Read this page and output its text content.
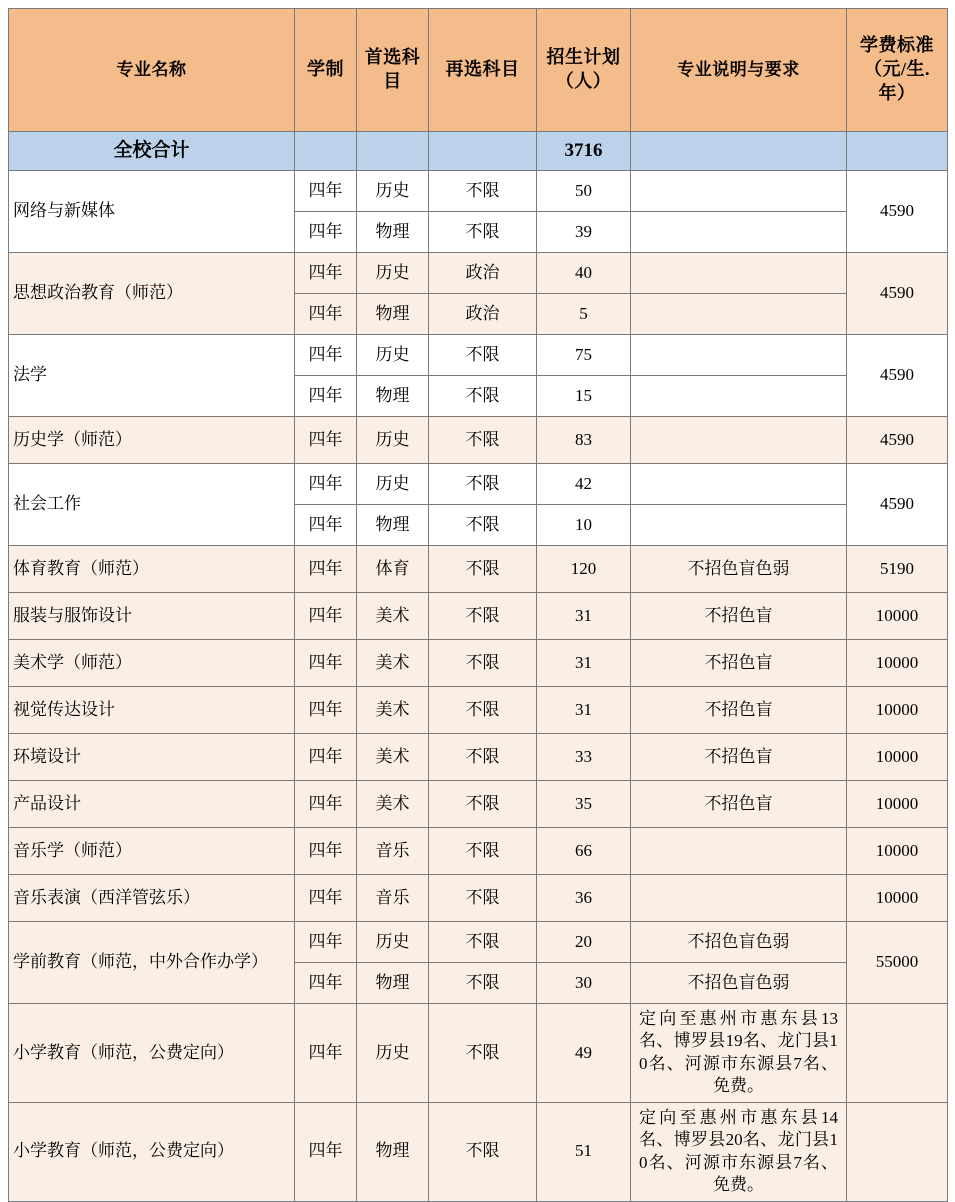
专业名称	学制	首选科目	再选科目	招生计划（人）	专业说明与要求	学费标准（元/生.年）
全校合计				3716		
网络与新媒体	四年	历史	不限	50		4590
	四年	物理	不限	39		
思想政治教育（师范）	四年	历史	政治	40		4590
	四年	物理	政治	5		
法学	四年	历史	不限	75		4590
	四年	物理	不限	15		
历史学（师范）	四年	历史	不限	83		4590
社会工作	四年	历史	不限	42		4590
	四年	物理	不限	10		
体育教育（师范）	四年	体育	不限	120	不招色盲色弱	5190
服装与服饰设计	四年	美术	不限	31	不招色盲	10000
美术学（师范）	四年	美术	不限	31	不招色盲	10000
视觉传达设计	四年	美术	不限	31	不招色盲	10000
环境设计	四年	美术	不限	33	不招色盲	10000
产品设计	四年	美术	不限	35	不招色盲	10000
音乐学（师范）	四年	音乐	不限	66		10000
音乐表演（西洋管弦乐）	四年	音乐	不限	36		10000
学前教育（师范，中外合作办学）	四年	历史	不限	20	不招色盲色弱	55000
	四年	物理	不限	30	不招色盲色弱	
小学教育（师范，公费定向）	四年	历史	不限	49	定向至惠州市惠东县13名、博罗县19名、龙门县10名、河源市东源县7名、免费。	
小学教育（师范，公费定向）	四年	物理	不限	51	定向至惠州市惠东县14名、博罗县20名、龙门县10名、河源市东源县7名、免费。	
